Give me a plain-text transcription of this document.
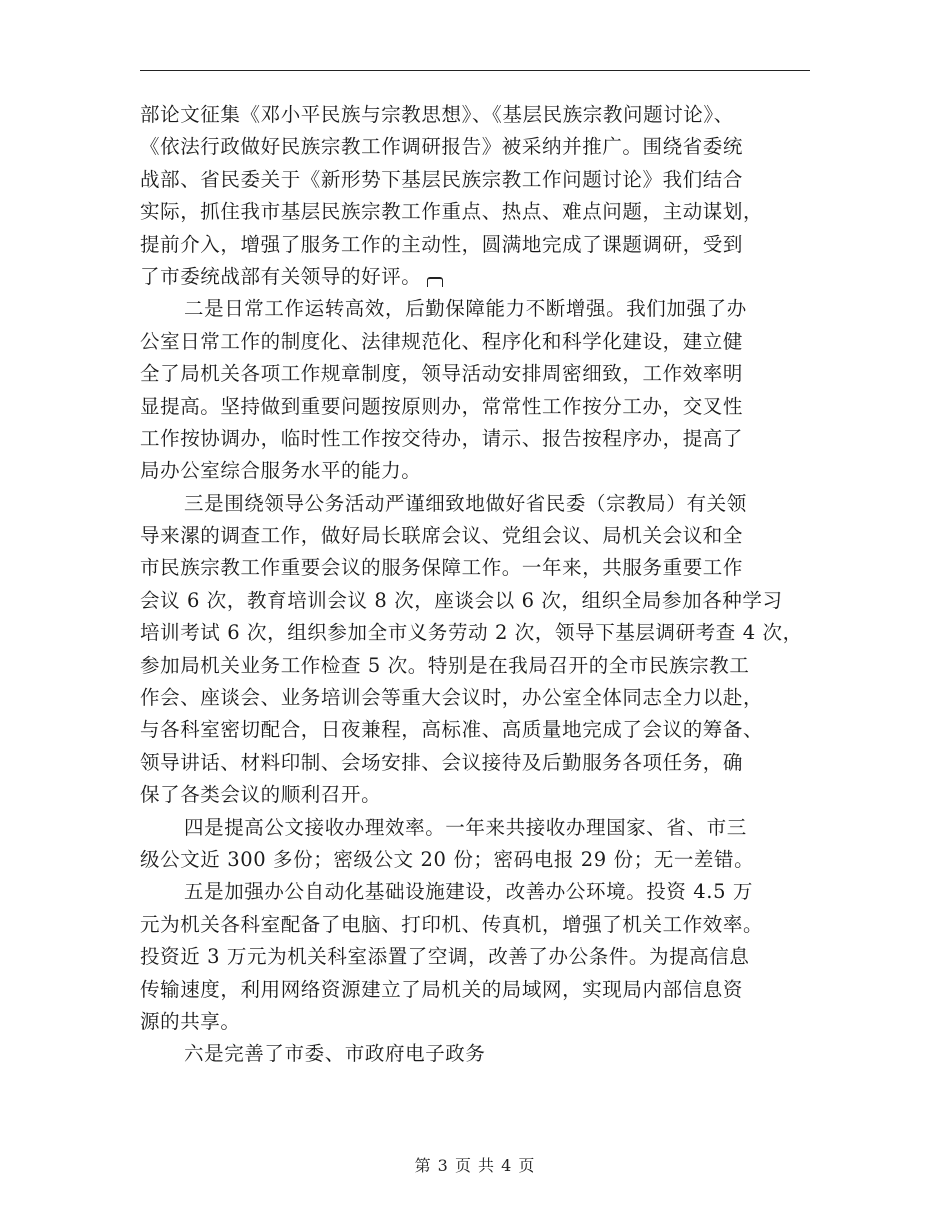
部论文征集《邓小平民族与宗教思想》、《基层民族宗教问题讨论》、
《依法行政做好民族宗教工作调研报告》被采纳并推广。围绕省委统
战部、省民委关于《新形势下基层民族宗教工作问题讨论》我们结合
实际，抓住我市基层民族宗教工作重点、热点、难点问题，主动谋划，
提前介入，增强了服务工作的主动性，圆满地完成了课题调研，受到
了市委统战部有关领导的好评。
二是日常工作运转高效，后勤保障能力不断增强。我们加强了办
公室日常工作的制度化、法律规范化、程序化和科学化建设，建立健
全了局机关各项工作规章制度，领导活动安排周密细致，工作效率明
显提高。坚持做到重要问题按原则办，常常性工作按分工办，交叉性
工作按协调办，临时性工作按交待办，请示、报告按程序办，提高了
局办公室综合服务水平的能力。
三是围绕领导公务活动严谨细致地做好省民委（宗教局）有关领
导来漯的调查工作，做好局长联席会议、党组会议、局机关会议和全
市民族宗教工作重要会议的服务保障工作。一年来，共服务重要工作
会议 6 次，教育培训会议 8 次，座谈会以 6 次，组织全局参加各种学习
培训考试 6 次，组织参加全市义务劳动 2 次，领导下基层调研考查 4 次，
参加局机关业务工作检查 5 次。特别是在我局召开的全市民族宗教工
作会、座谈会、业务培训会等重大会议时，办公室全体同志全力以赴，
与各科室密切配合，日夜兼程，高标准、高质量地完成了会议的筹备、
领导讲话、材料印制、会场安排、会议接待及后勤服务各项任务，确
保了各类会议的顺利召开。
四是提高公文接收办理效率。一年来共接收办理国家、省、市三
级公文近 300 多份；密级公文 20 份；密码电报 29 份；无一差错。
五是加强办公自动化基础设施建设，改善办公环境。投资 4.5 万
元为机关各科室配备了电脑、打印机、传真机，增强了机关工作效率。
投资近 3 万元为机关科室添置了空调，改善了办公条件。为提高信息
传输速度，利用网络资源建立了局机关的局域网，实现局内部信息资
源的共享。
六是完善了市委、市政府电子政务
第 3 页 共 4 页
